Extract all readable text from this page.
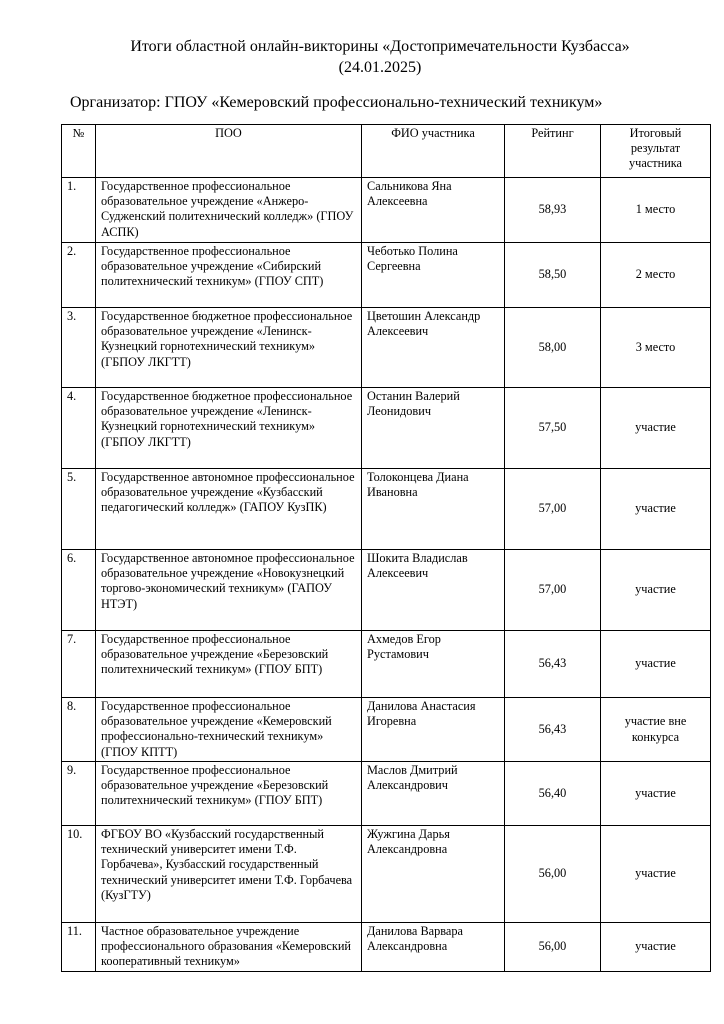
Итоги областной онлайн-викторины «Достопримечательности Кузбасса»
(24.01.2025)

Организатор: ГПОУ «Кемеровский профессионально-технический техникум»

№	ПОО	ФИО участника	Рейтинг	Итоговый результат участника
1.	Государственное профессиональное образовательное учреждение «Анжеро-Судженский политехнический колледж» (ГПОУ АСПК)	Сальникова Яна Алексеевна	58,93	1 место
2.	Государственное профессиональное образовательное учреждение «Сибирский политехнический техникум» (ГПОУ СПТ)	Чеботько Полина Сергеевна	58,50	2 место
3.	Государственное бюджетное профессиональное образовательное учреждение «Ленинск-Кузнецкий горнотехнический техникум» (ГБПОУ ЛКГТТ)	Цветошин Александр Алексеевич	58,00	3 место
4.	Государственное бюджетное профессиональное образовательное учреждение «Ленинск-Кузнецкий горнотехнический техникум» (ГБПОУ ЛКГТТ)	Останин Валерий Леонидович	57,50	участие
5.	Государственное автономное профессиональное образовательное учреждение «Кузбасский педагогический колледж» (ГАПОУ КузПК)	Толоконцева Диана Ивановна	57,00	участие
6.	Государственное автономное профессиональное образовательное учреждение «Новокузнецкий торгово-экономический техникум» (ГАПОУ НТЭТ)	Шокита Владислав Алексеевич	57,00	участие
7.	Государственное профессиональное образовательное учреждение «Березовский политехнический техникум» (ГПОУ БПТ)	Ахмедов Егор Рустамович	56,43	участие
8.	Государственное профессиональное образовательное учреждение «Кемеровский профессионально-технический техникум» (ГПОУ КПТТ)	Данилова Анастасия Игоревна	56,43	участие вне конкурса
9.	Государственное профессиональное образовательное учреждение «Березовский политехнический техникум» (ГПОУ БПТ)	Маслов Дмитрий Александрович	56,40	участие
10.	ФГБОУ ВО «Кузбасский государственный технический университет имени Т.Ф. Горбачева», Кузбасский государственный технический университет имени Т.Ф. Горбачева (КузГТУ)	Жужгина Дарья Александровна	56,00	участие
11.	Частное образовательное учреждение профессионального образования «Кемеровский кооперативный техникум»	Данилова Варвара Александровна	56,00	участие
